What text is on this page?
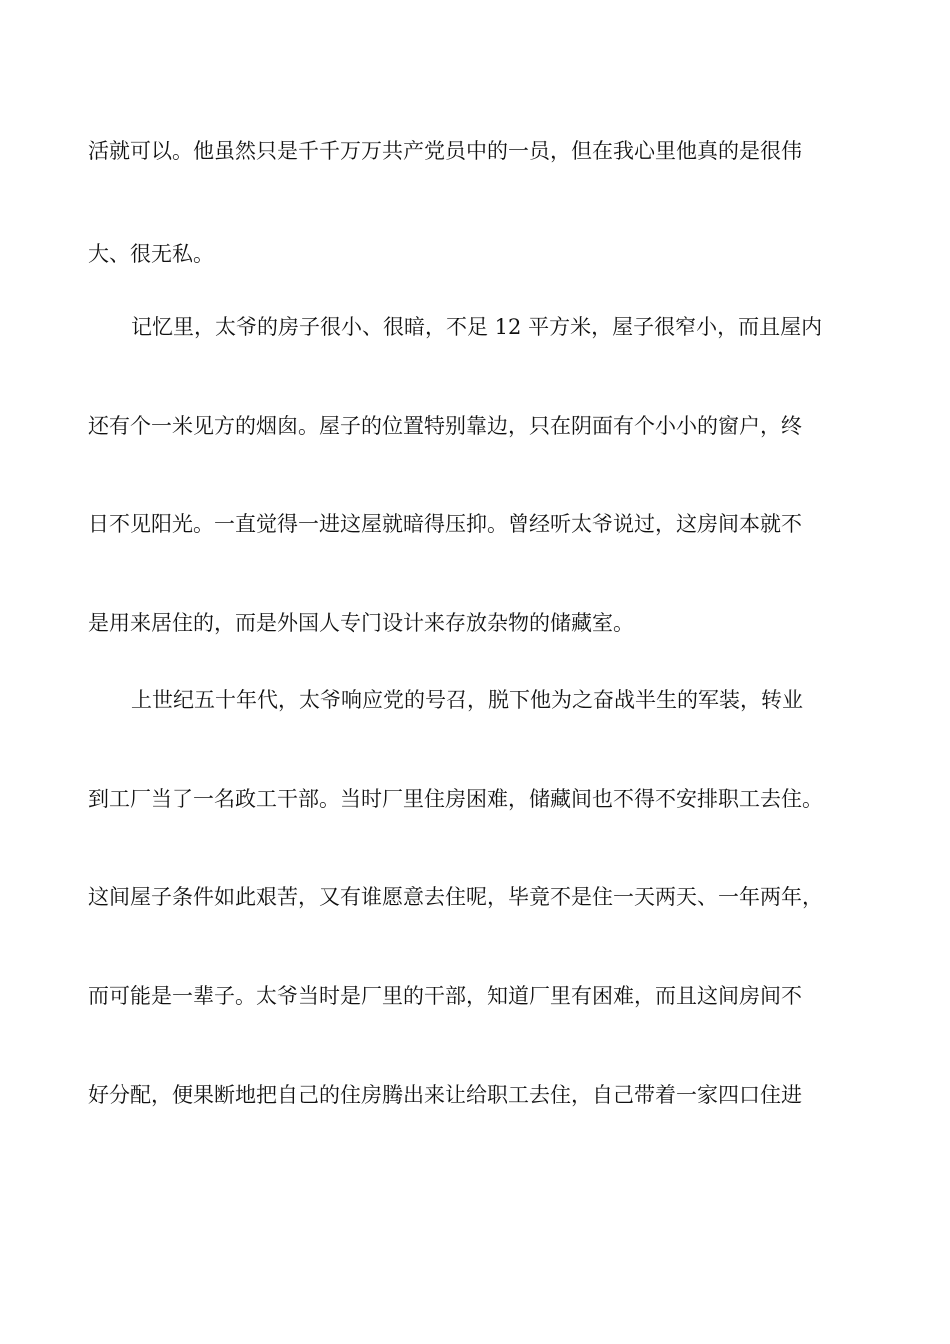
活就可以。他虽然只是千千万万共产党员中的一员，但在我心里他真的是很伟
大、很无私。
记忆里，太爷的房子很小、很暗，不足 12 平方米，屋子很窄小，而且屋内
还有个一米见方的烟囱。屋子的位置特别靠边，只在阴面有个小小的窗户，终
日不见阳光。一直觉得一进这屋就暗得压抑。曾经听太爷说过，这房间本就不
是用来居住的，而是外国人专门设计来存放杂物的储藏室。
上世纪五十年代，太爷响应党的号召，脱下他为之奋战半生的军装，转业
到工厂当了一名政工干部。当时厂里住房困难，储藏间也不得不安排职工去住。
这间屋子条件如此艰苦，又有谁愿意去住呢，毕竟不是住一天两天、一年两年，
而可能是一辈子。太爷当时是厂里的干部，知道厂里有困难，而且这间房间不
好分配，便果断地把自己的住房腾出来让给职工去住，自己带着一家四口住进
